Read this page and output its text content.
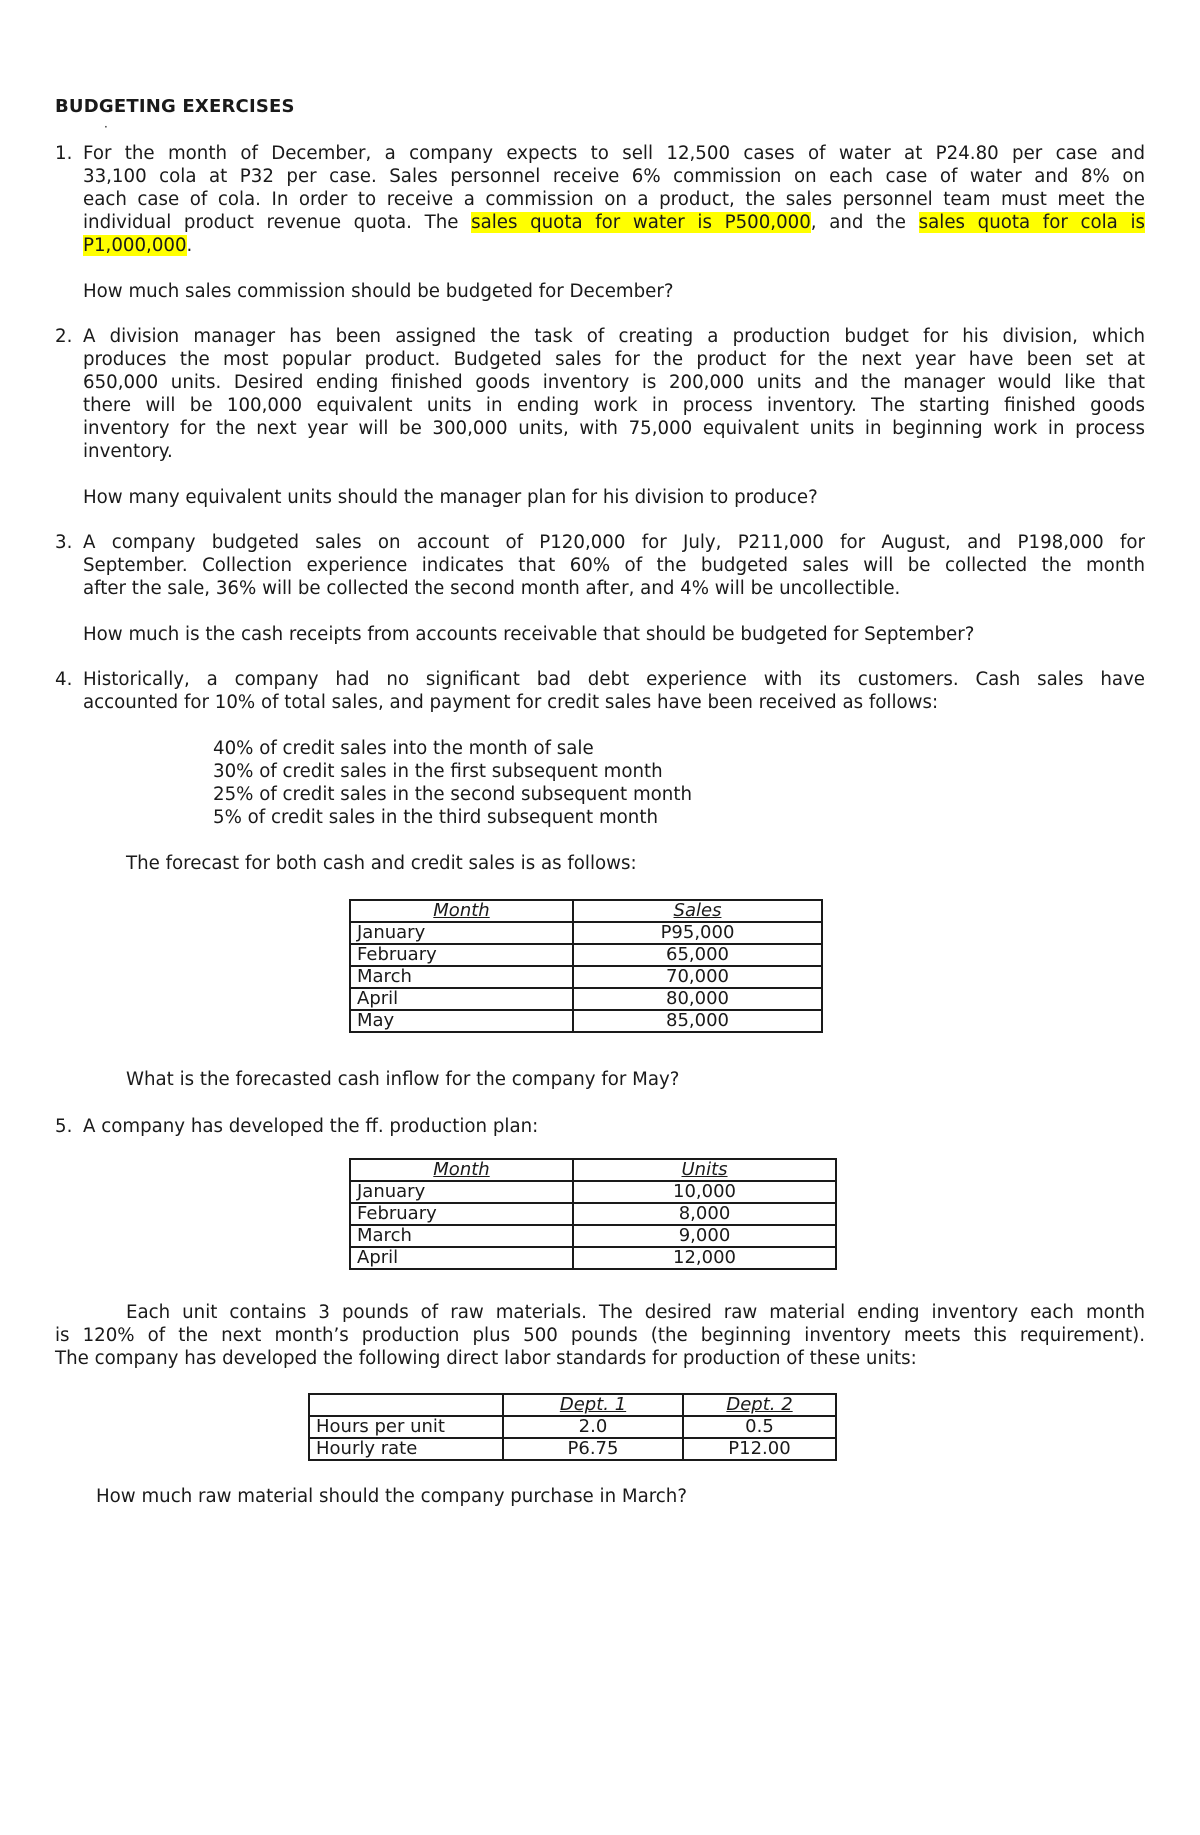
BUDGETING EXERCISES
·
1. For the month of December, a company expects to sell 12,500 cases of water at P24.80 per case and
33,100 cola at P32 per case. Sales personnel receive 6% commission on each case of water and 8% on
each case of cola. In order to receive a commission on a product, the sales personnel team must meet the
individual product revenue quota. The sales quota for water is P500,000, and the sales quota for cola is
P1,000,000.
How much sales commission should be budgeted for December?
2. A division manager has been assigned the task of creating a production budget for his division, which
produces the most popular product. Budgeted sales for the product for the next year have been set at
650,000 units. Desired ending finished goods inventory is 200,000 units and the manager would like that
there will be 100,000 equivalent units in ending work in process inventory. The starting finished goods
inventory for the next year will be 300,000 units, with 75,000 equivalent units in beginning work in process
inventory.
How many equivalent units should the manager plan for his division to produce?
3. A company budgeted sales on account of P120,000 for July, P211,000 for August, and P198,000 for
September. Collection experience indicates that 60% of the budgeted sales will be collected the month
after the sale, 36% will be collected the second month after, and 4% will be uncollectible.
How much is the cash receipts from accounts receivable that should be budgeted for September?
4. Historically, a company had no significant bad debt experience with its customers. Cash sales have
accounted for 10% of total sales, and payment for credit sales have been received as follows:
40% of credit sales into the month of sale
30% of credit sales in the first subsequent month
25% of credit sales in the second subsequent month
5% of credit sales in the third subsequent month
The forecast for both cash and credit sales is as follows:
Month	Sales
January	P95,000
February	65,000
March	70,000
April	80,000
May	85,000
What is the forecasted cash inflow for the company for May?
5. A company has developed the ff. production plan:
Month	Units
January	10,000
February	8,000
March	9,000
April	12,000
Each unit contains 3 pounds of raw materials. The desired raw material ending inventory each month
is 120% of the next month’s production plus 500 pounds (the beginning inventory meets this requirement).
The company has developed the following direct labor standards for production of these units:
	Dept. 1	Dept. 2
Hours per unit	2.0	0.5
Hourly rate	P6.75	P12.00
How much raw material should the company purchase in March?
